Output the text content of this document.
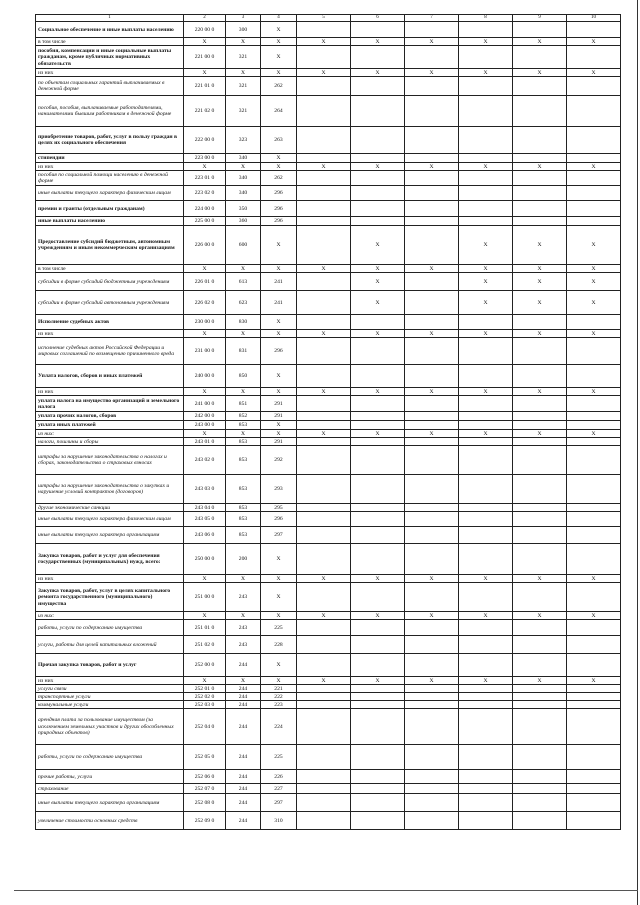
1	2	3	4	5	6	7	8	9	10
Социальное обеспечение и иные выплаты населению	220 00 0	300	X						
в том числе	X	X	X	X	X	X	X	X	X
пособия, компенсации и иные социальные выплаты гражданам, кроме публичных нормативных обязательств	221 00 0	321	X						
из них	X	X	X	X	X	X	X	X	X
по объектам социальных гарантий выплачиваемых в денежной форме	221 01 0	321	262						
пособия, пособия, выплачиваемые работодателями, нанимателями бывшим работникам в денежной форме	221 02 0	321	264						
приобретение товаров, работ, услуг в пользу граждан в целях их социального обеспечения	222 00 0	323	263						
стипендии	223 00 0	340	X						
из них	X	X	X	X	X	X	X	X	X
пособия по социальной помощи населению в денежной форме	223 01 0	340	262						
иные выплаты текущего характера физическим лицам	223 02 0	340	296						
премии и гранты (отдельным гражданам)	224 00 0	350	296						
иные выплаты населению	225 00 0	360	296						
Предоставление субсидий бюджетным, автономным учреждениям и иным некоммерческим организациям	226 00 0	600	X		X		X	X	X
в том числе	X	X	X	X	X	X	X	X	X
субсидии в форме субсидий бюджетным учреждениям	226 01 0	613	241		X		X	X	X
субсидии в форме субсидий автономным учреждениям	226 02 0	623	241		X		X	X	X
Исполнение судебных актов	230 00 0	830	X						
из них	X	X	X	X	X	X	X	X	X
исполнение судебных актов Российской Федерации и мировых соглашений по возмещению причиненного вреда	231 00 0	831	296						
Уплата налогов, сборов и иных платежей	240 00 0	850	X						
из них	X	X	X	X	X	X	X	X	X
уплата налога на имущество организаций и земельного налога	241 00 0	851	291						
уплата прочих налогов, сборов	242 00 0	852	291						
уплата иных платежей	243 00 0	853	X						
из них:	X	X	X	X	X	X	X	X	X
налоги, пошлины и сборы	243 01 0	853	291						
штрафы за нарушение законодательства о налогах и сборах, законодательства о страховых взносах	243 02 0	853	292						
штрафы за нарушение законодательства о закупках и нарушение условий контрактов (договоров)	243 03 0	853	293						
другие экономические санкции	243 04 0	853	295						
иные выплаты текущего характера физическим лицам	243 05 0	853	296						
иные выплаты текущего характера организациям	243 06 0	853	297						
Закупка товаров, работ и услуг для обеспечения государственных (муниципальных) нужд, всего:	250 00 0	200	X						
из них	X	X	X	X	X	X	X	X	X
Закупка товаров, работ, услуг в целях капитального ремонта государственного (муниципального) имущества	251 00 0	243	X						
из них:	X	X	X	X	X	X	X	X	X
работы, услуги по содержанию имущества	251 01 0	243	225						
услуги, работы для целей капитальных вложений	251 02 0	243	228						
Прочая закупка товаров, работ и услуг	252 00 0	244	X						
из них	X	X	X	X	X	X	X	X	X
услуги связи	252 01 0	244	221						
транспортные услуги	252 02 0	244	222						
коммунальные услуги	252 03 0	244	223						
арендная плата за пользование имуществом (за исключением земельных участков и других обособленных природных объектов)	252 04 0	244	224						
работы, услуги по содержанию имущества	252 05 0	244	225						
прочие работы, услуги	252 06 0	244	226						
страхование	252 07 0	244	227						
иные выплаты текущего характера организациям	252 08 0	244	297						
увеличение стоимости основных средств	252 09 0	244	310						
